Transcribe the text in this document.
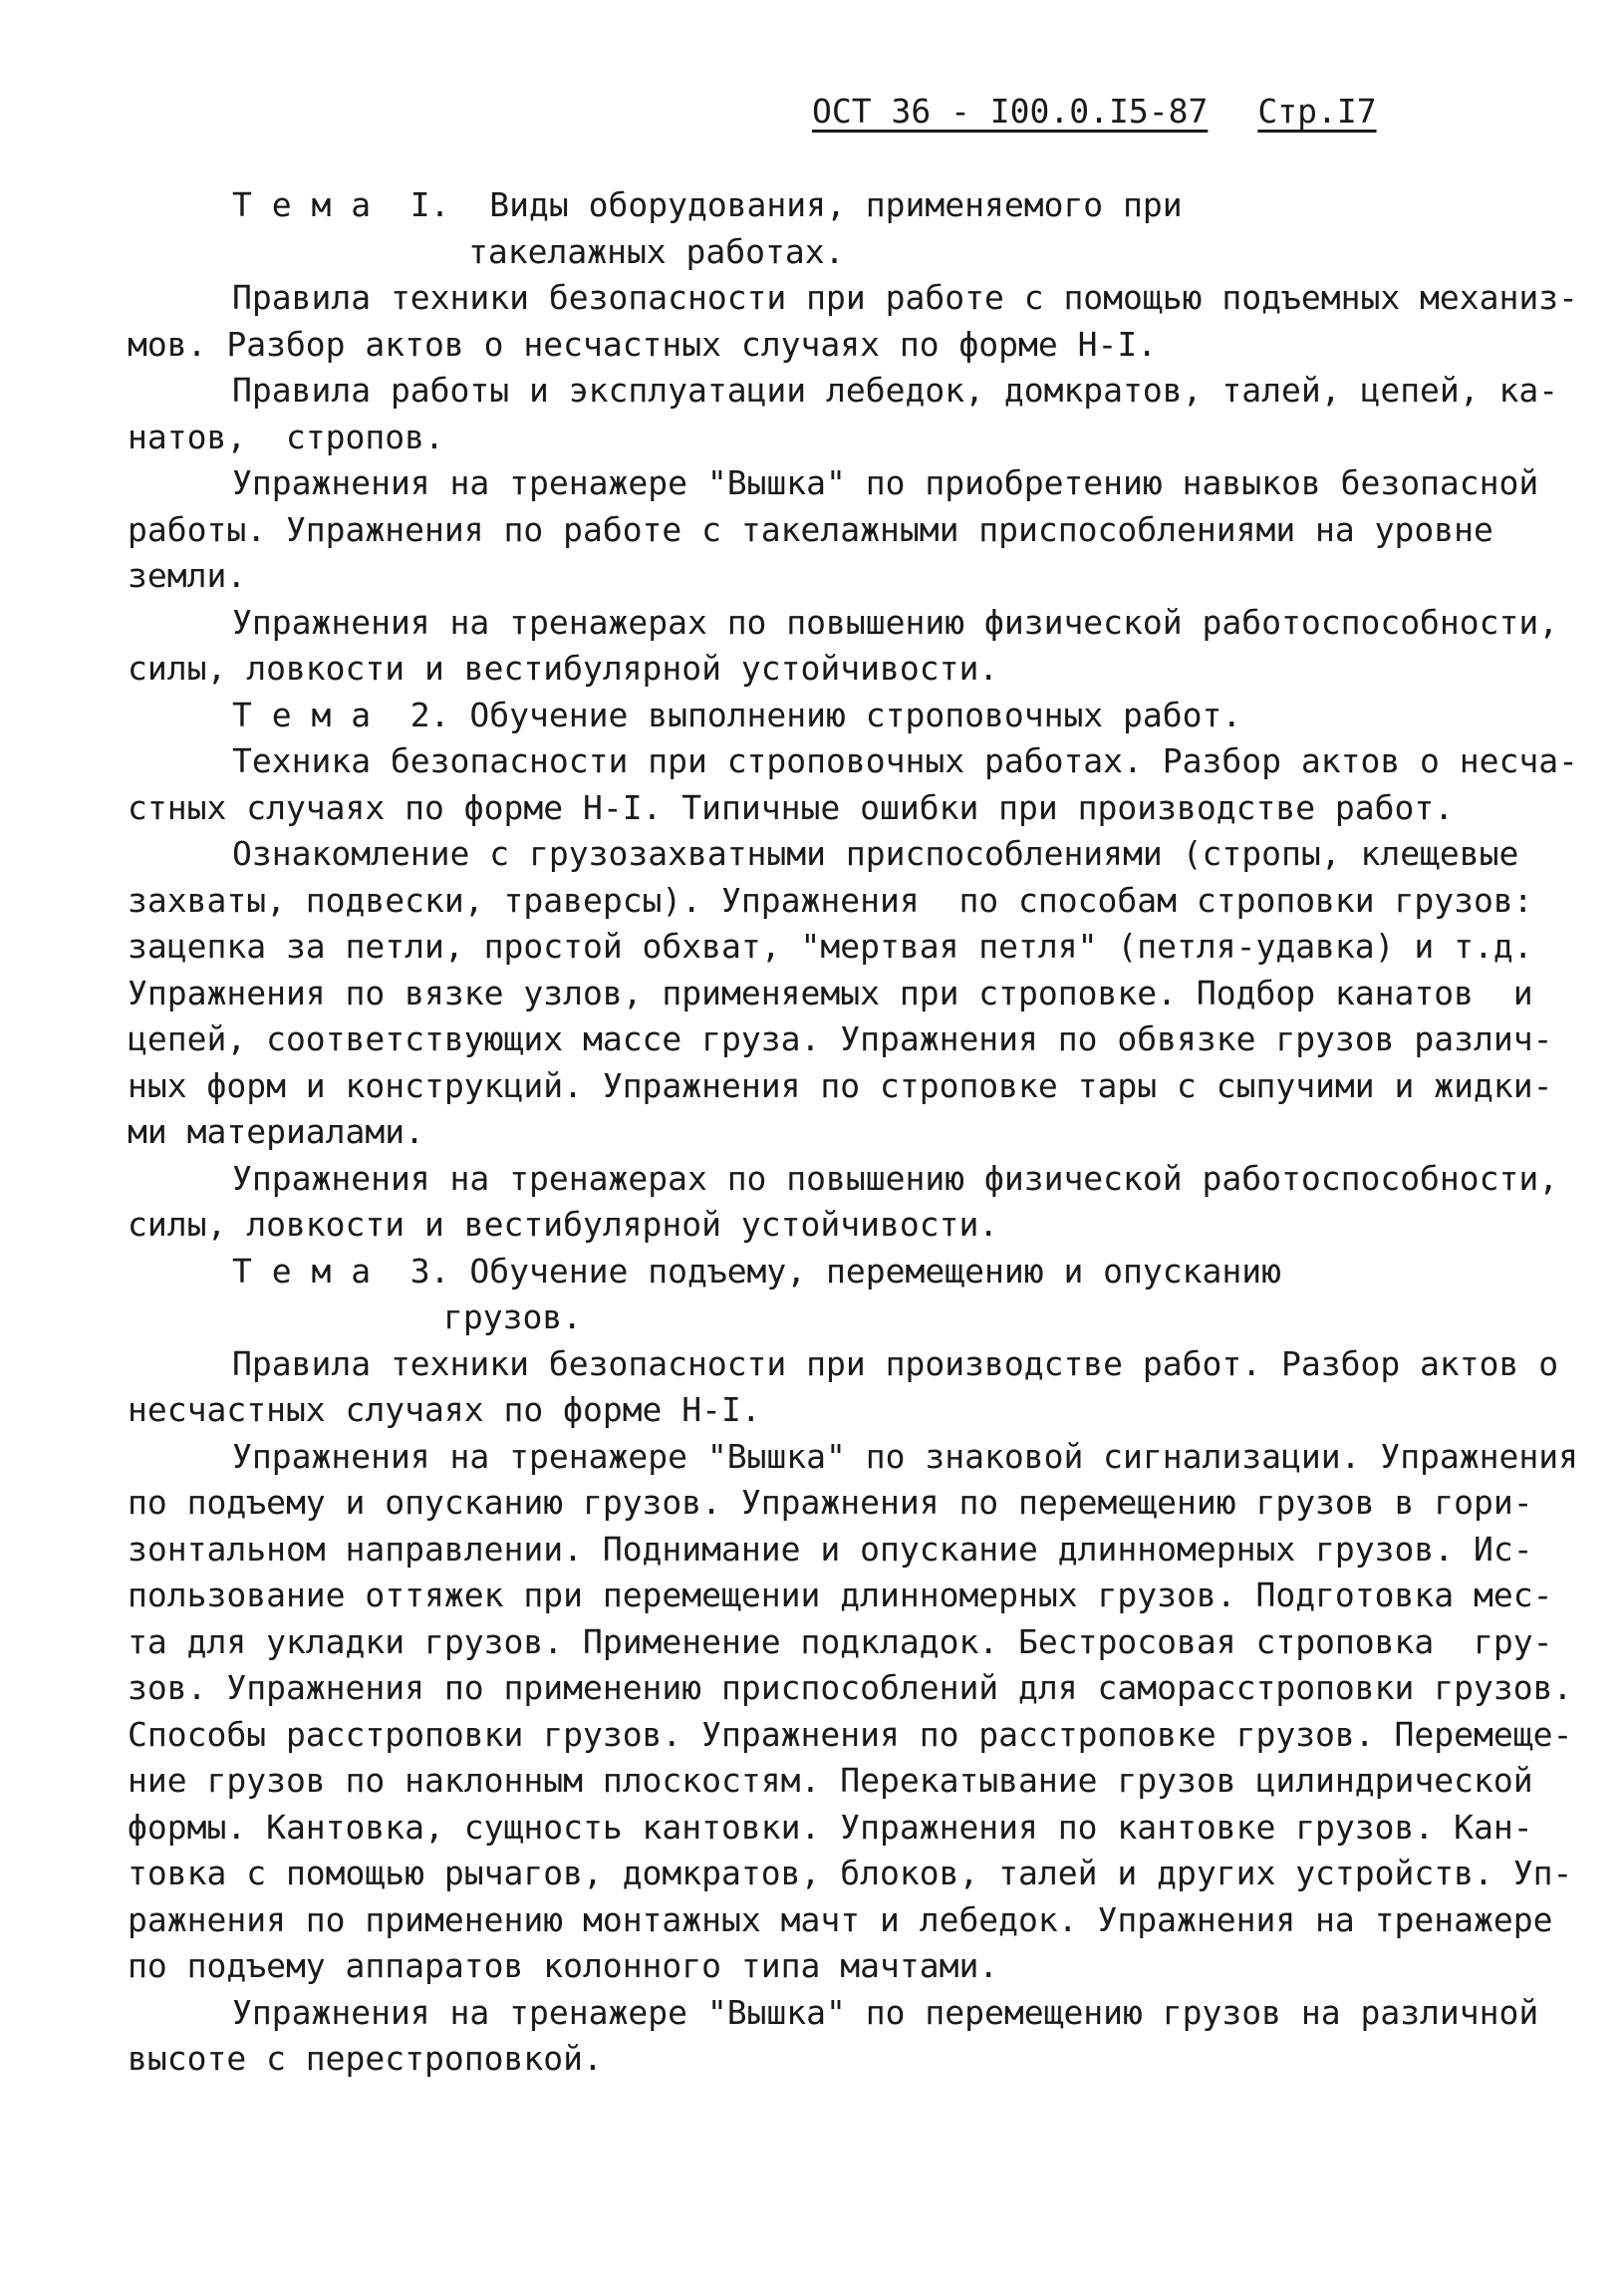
ОСТ 36 - I00.0.I5-87 Стр.I7
Т е м а  I.  Виды оборудования, применяемого при
такелажных работах.
Правила техники безопасности при работе с помощью подъемных механиз-
мов. Разбор актов о несчастных случаях по форме Н-I.
Правила работы и эксплуатации лебедок, домкратов, талей, цепей, ка-
натов,  стропов.
Упражнения на тренажере "Вышка" по приобретению навыков безопасной
работы. Упражнения по работе с такелажными приспособлениями на уровне
земли.
Упражнения на тренажерах по повышению физической работоспособности,
силы, ловкости и вестибулярной устойчивости.
Т е м а  2. Обучение выполнению строповочных работ.
Техника безопасности при строповочных работах. Разбор актов о несча-
стных случаях по форме Н-I. Типичные ошибки при производстве работ.
Ознакомление с грузозахватными приспособлениями (стропы, клещевые
захваты, подвески, траверсы). Упражнения  по способам строповки грузов:
зацепка за петли, простой обхват, "мертвая петля" (петля-удавка) и т.д.
Упражнения по вязке узлов, применяемых при строповке. Подбор канатов  и
цепей, соответствующих массе груза. Упражнения по обвязке грузов различ-
ных форм и конструкций. Упражнения по строповке тары с сыпучими и жидки-
ми материалами.
Упражнения на тренажерах по повышению физической работоспособности,
силы, ловкости и вестибулярной устойчивости.
Т е м а  3. Обучение подъему, перемещению и опусканию
грузов.
Правила техники безопасности при производстве работ. Разбор актов о
несчастных случаях по форме Н-I.
Упражнения на тренажере "Вышка" по знаковой сигнализации. Упражнения
по подъему и опусканию грузов. Упражнения по перемещению грузов в гори-
зонтальном направлении. Поднимание и опускание длинномерных грузов. Ис-
пользование оттяжек при перемещении длинномерных грузов. Подготовка мес-
та для укладки грузов. Применение подкладок. Бестросовая строповка  гру-
зов. Упражнения по применению приспособлений для саморасстроповки грузов.
Способы расстроповки грузов. Упражнения по расстроповке грузов. Перемеще-
ние грузов по наклонным плоскостям. Перекатывание грузов цилиндрической
формы. Кантовка, сущность кантовки. Упражнения по кантовке грузов. Кан-
товка с помощью рычагов, домкратов, блоков, талей и других устройств. Уп-
ражнения по применению монтажных мачт и лебедок. Упражнения на тренажере
по подъему аппаратов колонного типа мачтами.
Упражнения на тренажере "Вышка" по перемещению грузов на различной
высоте с перестроповкой.
